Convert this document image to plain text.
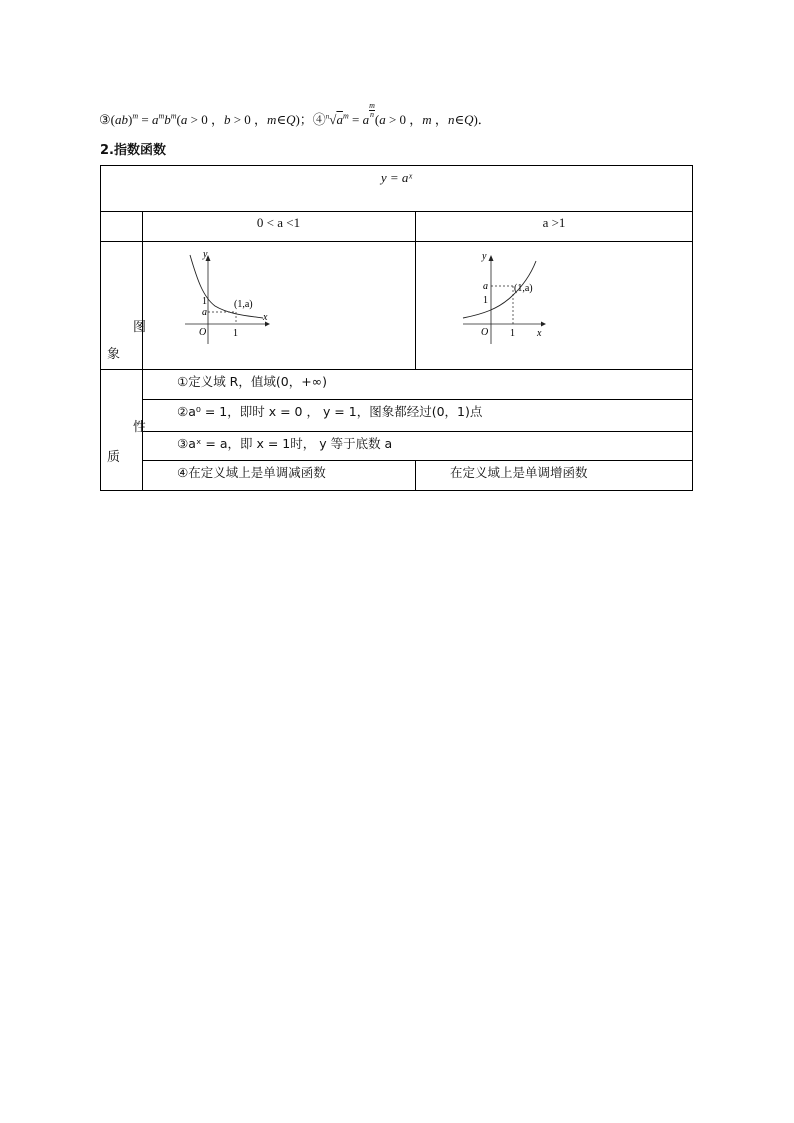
③(ab)$^m$ = $a^mb^m(a > 0$ ，b > 0 ，m∈Q)；$④^n√a^m = a$
$\frac{m}{n}$
(a > 0 ，m ，n∈Q)．
2.指数函数
y = aˣ
0 < a <1	a >1
图
象
性
质
①定义域 R，值域(0，+∞)
②a⁰ = 1，即时 x = 0 ， y = 1，图象都经过(0，1)点
③aˣ = a，即 x = 1时， y 等于底数 a
④在定义域上是单调减函数	在定义域上是单调增函数
y
x
O
1
a
1
(1,a)
y
x
O
1
a
1
(1,a)
